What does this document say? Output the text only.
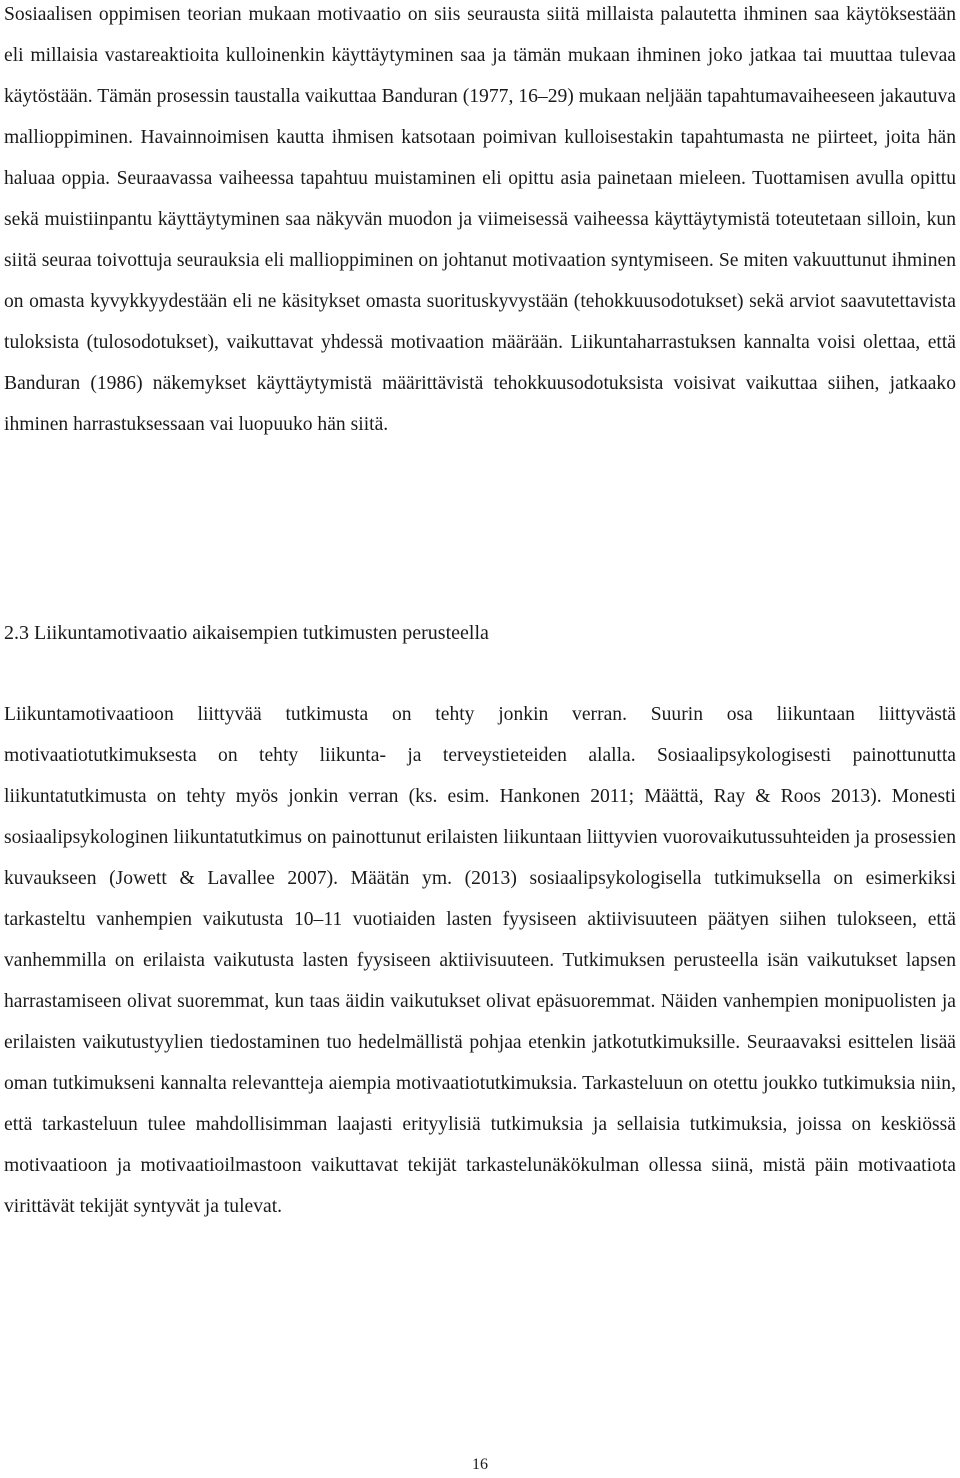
Sosiaalisen oppimisen teorian mukaan motivaatio on siis seurausta siitä millaista palautetta ihminen saa käytöksestään eli millaisia vastareaktioita kulloinenkin käyttäytyminen saa ja tämän mukaan ihminen joko jatkaa tai muuttaa tulevaa käytöstään. Tämän prosessin taustalla vaikuttaa Banduran (1977, 16–29) mukaan neljään tapahtumavaiheeseen jakautuva mallioppiminen. Havainnoimisen kautta ihmisen katsotaan poimivan kulloisestakin tapahtumasta ne piirteet, joita hän haluaa oppia. Seuraavassa vaiheessa tapahtuu muistaminen eli opittu asia painetaan mieleen. Tuottamisen avulla opittu sekä muistiinpantu käyttäytyminen saa näkyvän muodon ja viimeisessä vaiheessa käyttäytymistä toteutetaan silloin, kun siitä seuraa toivottuja seurauksia eli mallioppiminen on johtanut motivaation syntymiseen. Se miten vakuuttunut ihminen on omasta kyvykkyydestään eli ne käsitykset omasta suorituskyvystään (tehokkuusodotukset) sekä arviot saavutettavista tuloksista (tulosodotukset), vaikuttavat yhdessä motivaation määrään. Liikuntaharrastuksen kannalta voisi olettaa, että Banduran (1986) näkemykset käyttäytymistä määrittävistä tehokkuusodotuksista voisivat vaikuttaa siihen, jatkaako ihminen harrastuksessaan vai luopuuko hän siitä.

2.3 Liikuntamotivaatio aikaisempien tutkimusten perusteella

Liikuntamotivaatioon liittyvää tutkimusta on tehty jonkin verran. Suurin osa liikuntaan liittyvästä motivaatiotutkimuksesta on tehty liikunta- ja terveystieteiden alalla. Sosiaalipsykologisesti painottunutta liikuntatutkimusta on tehty myös jonkin verran (ks. esim. Hankonen 2011; Määttä, Ray & Roos 2013). Monesti sosiaalipsykologinen liikuntatutkimus on painottunut erilaisten liikuntaan liittyvien vuorovaikutussuhteiden ja prosessien kuvaukseen (Jowett & Lavallee 2007). Määtän ym. (2013) sosiaalipsykologisella tutkimuksella on esimerkiksi tarkasteltu vanhempien vaikutusta 10–11 vuotiaiden lasten fyysiseen aktiivisuuteen päätyen siihen tulokseen, että vanhemmilla on erilaista vaikutusta lasten fyysiseen aktiivisuuteen. Tutkimuksen perusteella isän vaikutukset lapsen harrastamiseen olivat suoremmat, kun taas äidin vaikutukset olivat epäsuoremmat. Näiden vanhempien monipuolisten ja erilaisten vaikutustyylien tiedostaminen tuo hedelmällistä pohjaa etenkin jatkotutkimuksille. Seuraavaksi esittelen lisää oman tutkimukseni kannalta relevantteja aiempia motivaatiotutkimuksia. Tarkasteluun on otettu joukko tutkimuksia niin, että tarkasteluun tulee mahdollisimman laajasti erityylisiä tutkimuksia ja sellaisia tutkimuksia, joissa on keskiössä motivaatioon ja motivaatioilmastoon vaikuttavat tekijät tarkastelunäkökulman ollessa siinä, mistä päin motivaatiota virittävät tekijät syntyvät ja tulevat.

16
